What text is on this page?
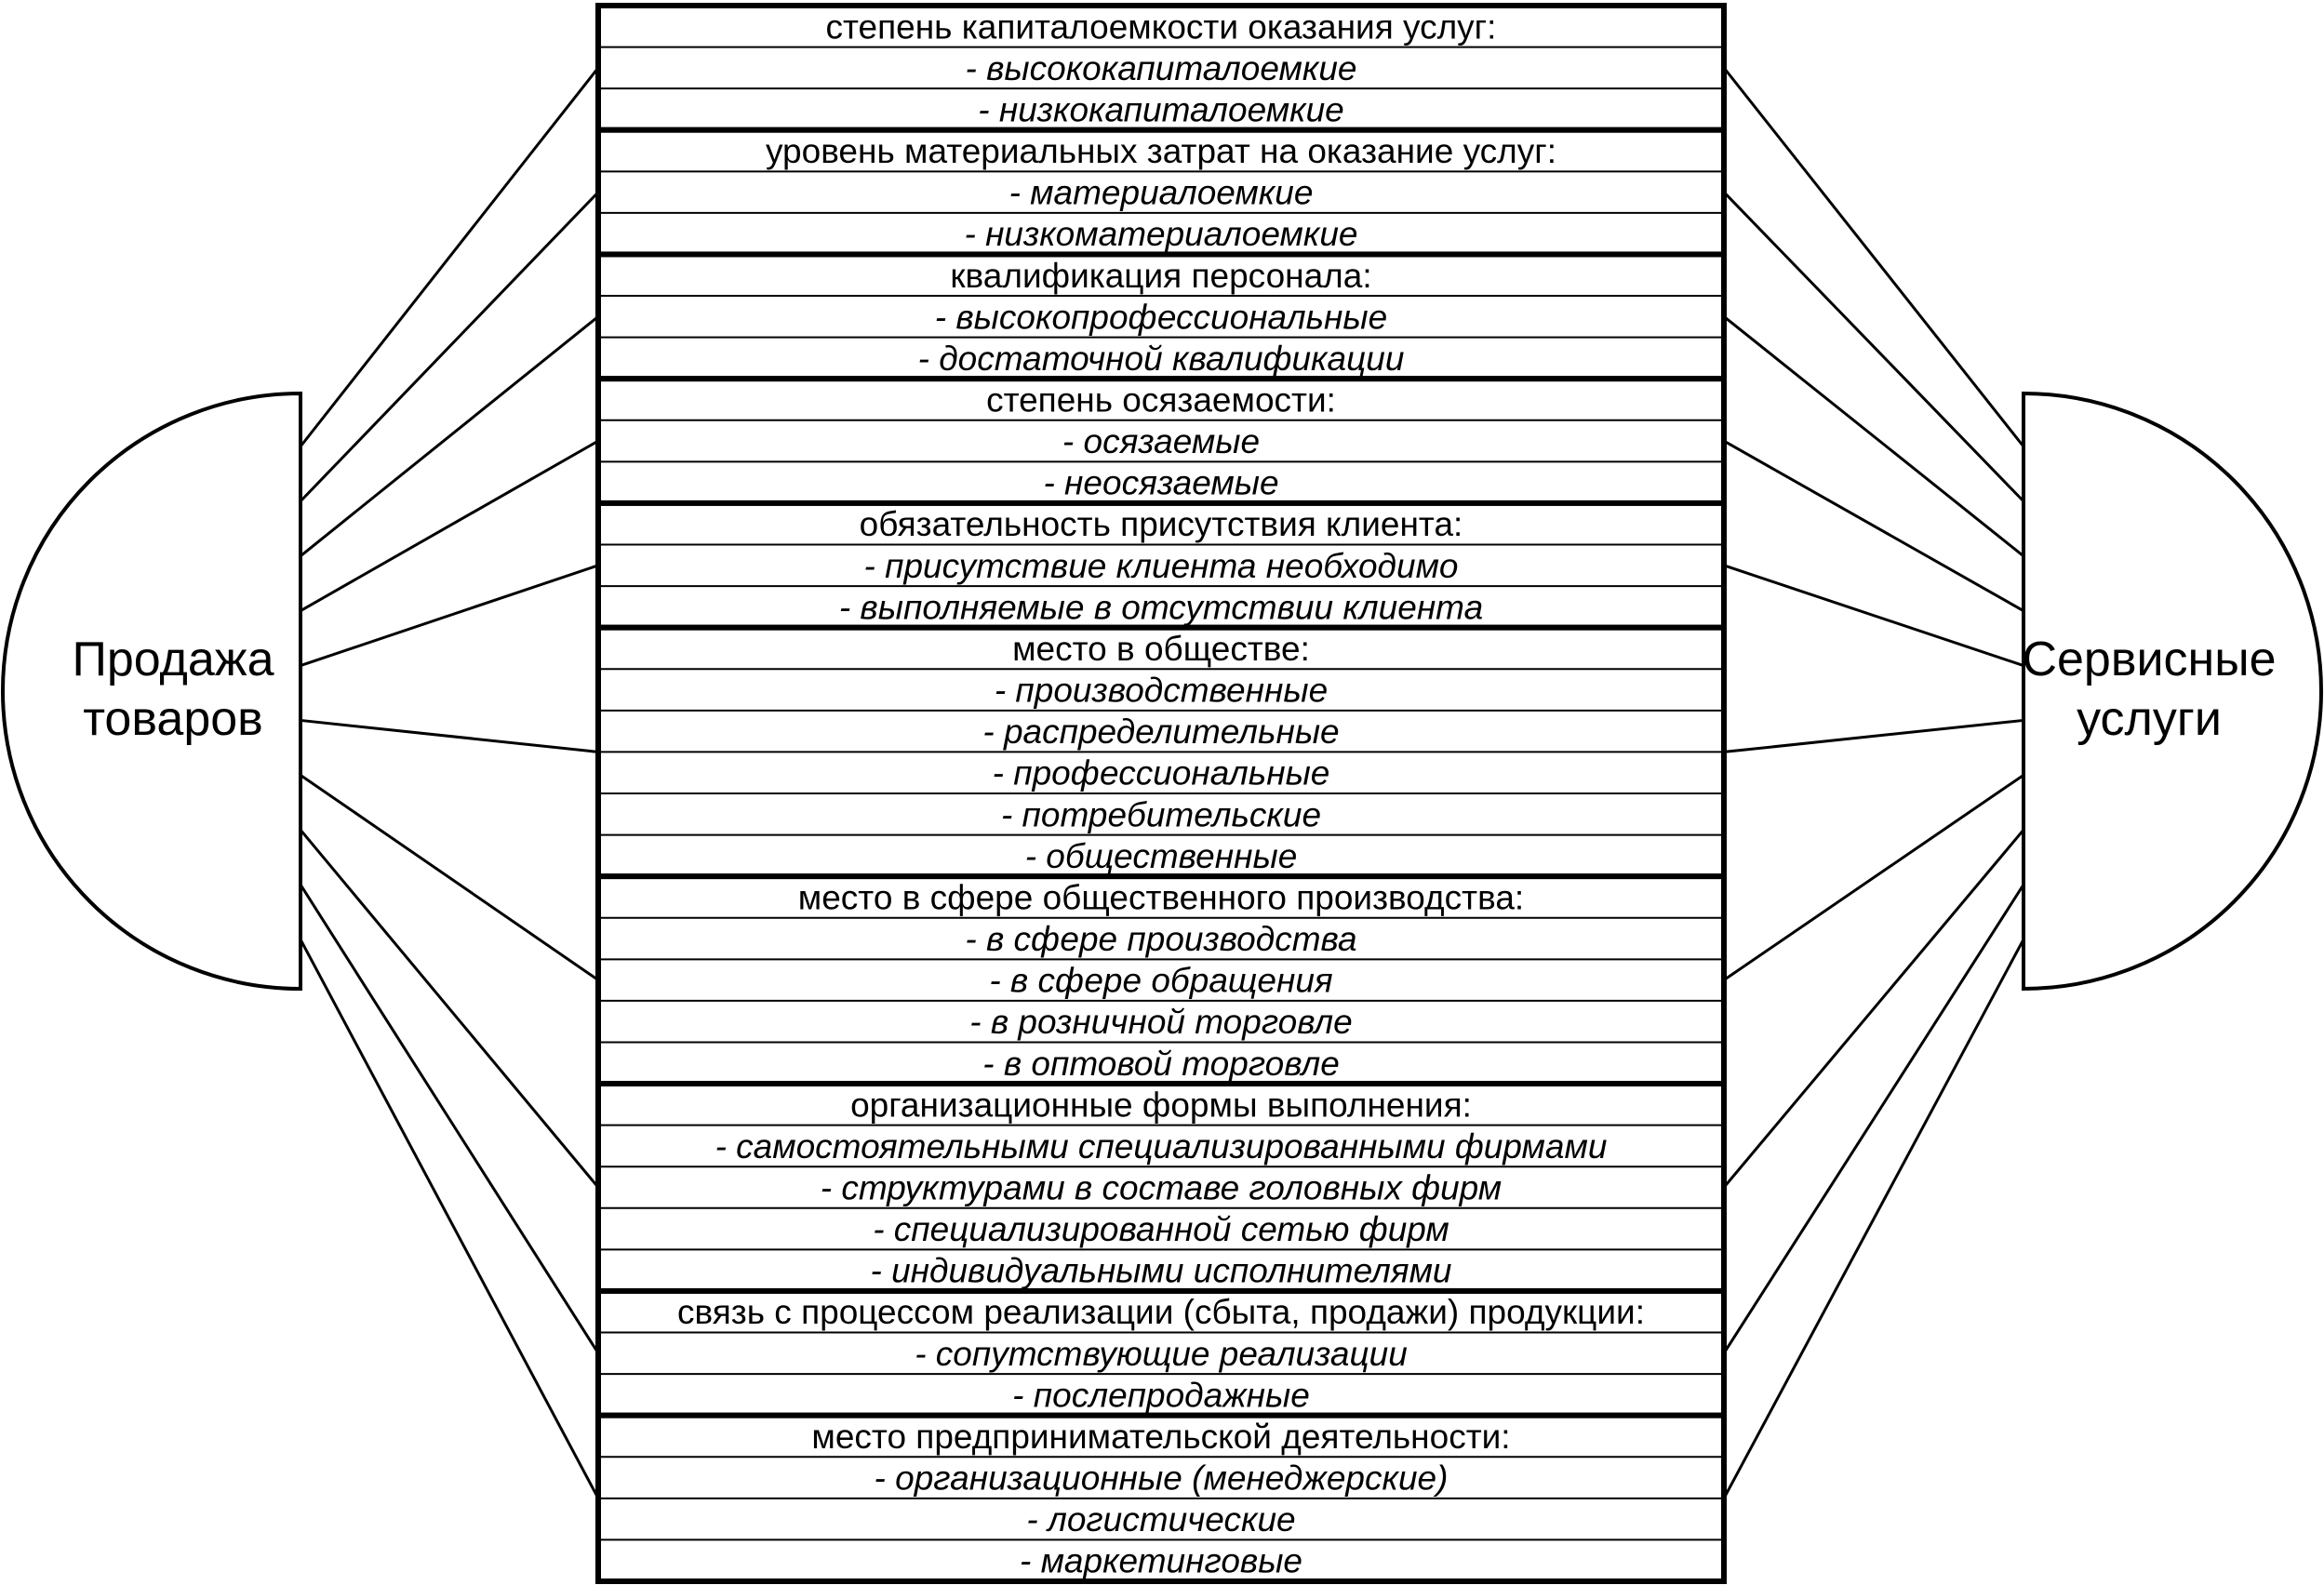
степень капиталоемкости оказания услуг:
- высококапиталоемкие
- низкокапиталоемкие
уровень материальных затрат на оказание услуг:
- материалоемкие
- низкоматериалоемкие
квалификация персонала:
- высокопрофессиональные
- достаточной квалификации
степень осязаемости:
- осязаемые
- неосязаемые
обязательность присутствия клиента:
- присутствие клиента необходимо
- выполняемые в отсутствии клиента
место в обществе:
- производственные
- распределительные
- профессиональные
- потребительские
- общественные
место в сфере общественного производства:
- в сфере производства
- в сфере обращения
- в розничной торговле
- в оптовой торговле
организационные формы выполнения:
- самостоятельными специализированными фирмами
- структурами в составе головных фирм
- специализированной сетью фирм
- индивидуальными исполнителями
связь с процессом реализации (сбыта, продажи) продукции:
- сопутствующие реализации
- послепродажные
место предпринимательской деятельности:
- организационные (менеджерские)
- логистические
- маркетинговые
Продажа
товаров
Сервисные
услуги
